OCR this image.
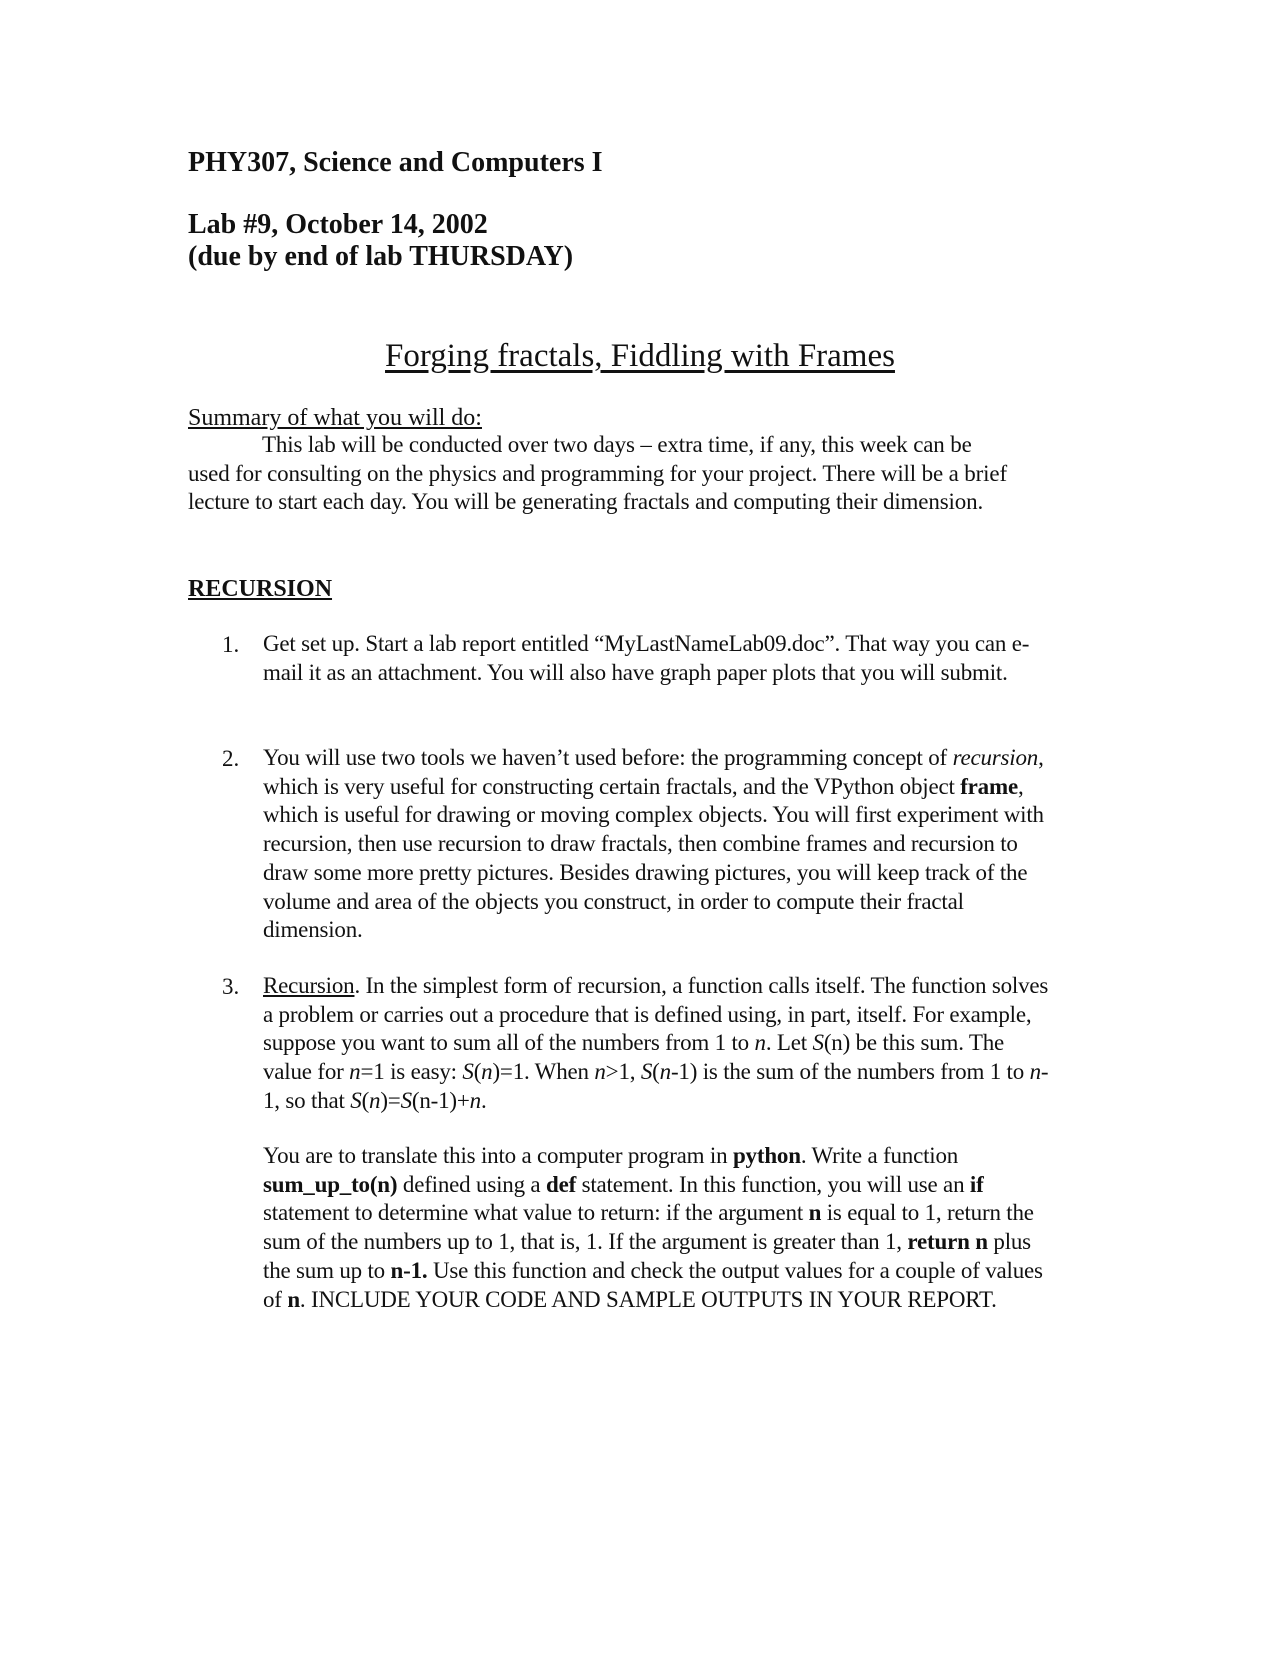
PHY307, Science and Computers I
Lab #9, October 14, 2002
(due by end of lab THURSDAY)
Forging fractals, Fiddling with Frames

Summary of what you will do:

This lab will be conducted over two days – extra time, if any, this week can be used for consulting on the physics and programming for your project. There will be a brief lecture to start each day. You will be generating fractals and computing their dimension.

RECURSION
1. Get set up. Start a lab report entitled “MyLastNameLab09.doc”. That way you can e-mail it as an attachment. You will also have graph paper plots that you will submit.

2. You will use two tools we haven’t used before: the programming concept of recursion, which is very useful for constructing certain fractals, and the VPython object frame, which is useful for drawing or moving complex objects. You will first experiment with recursion, then use recursion to draw fractals, then combine frames and recursion to draw some more pretty pictures. Besides drawing pictures, you will keep track of the volume and area of the objects you construct, in order to compute their fractal dimension.

3. Recursion. In the simplest form of recursion, a function calls itself. The function solves a problem or carries out a procedure that is defined using, in part, itself. For example, suppose you want to sum all of the numbers from 1 to n. Let S(n) be this sum. The value for n=1 is easy: S(n)=1. When n>1, S(n-1) is the sum of the numbers from 1 to n-1, so that S(n)=S(n-1)+n.

You are to translate this into a computer program in python. Write a function sum_up_to(n) defined using a def statement. In this function, you will use an if statement to determine what value to return: if the argument n is equal to 1, return the sum of the numbers up to 1, that is, 1. If the argument is greater than 1, return n plus the sum up to n-1. Use this function and check the output values for a couple of values of n. INCLUDE YOUR CODE AND SAMPLE OUTPUTS IN YOUR REPORT.
